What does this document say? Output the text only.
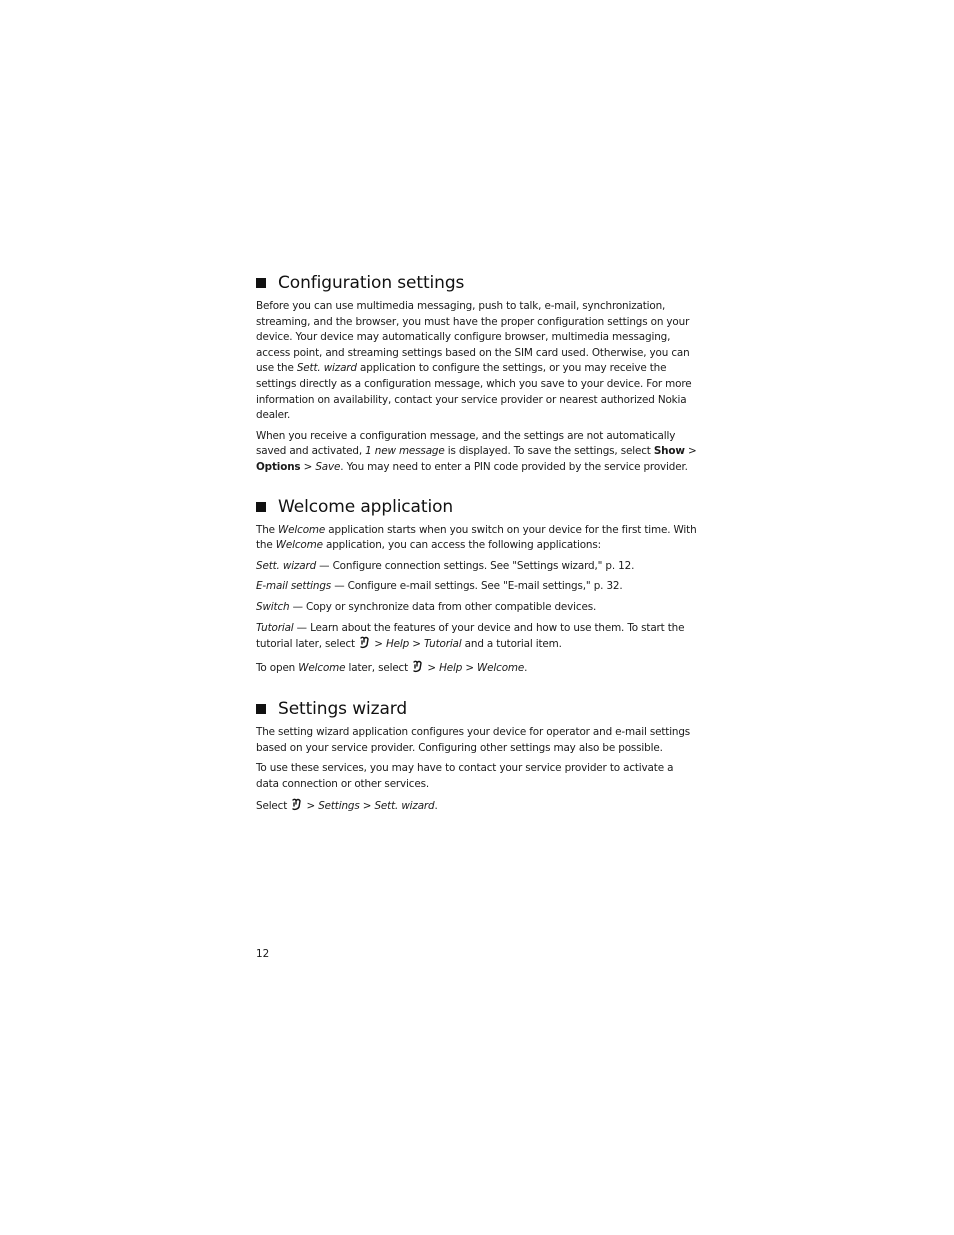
Configuration settings

Before you can use multimedia messaging, push to talk, e-mail, synchronization, streaming, and the browser, you must have the proper configuration settings on your device. Your device may automatically configure browser, multimedia messaging, access point, and streaming settings based on the SIM card used. Otherwise, you can use the Sett. wizard application to configure the settings, or you may receive the settings directly as a configuration message, which you save to your device. For more information on availability, contact your service provider or nearest authorized Nokia dealer.

When you receive a configuration message, and the settings are not automatically saved and activated, 1 new message is displayed. To save the settings, select Show > Options > Save. You may need to enter a PIN code provided by the service provider.

Welcome application

The Welcome application starts when you switch on your device for the first time. With the Welcome application, you can access the following applications:

Sett. wizard — Configure connection settings. See "Settings wizard," p. 12.

E-mail settings — Configure e-mail settings. See "E-mail settings," p. 32.

Switch — Copy or synchronize data from other compatible devices.

Tutorial — Learn about the features of your device and how to use them. To start the tutorial later, select  > Help > Tutorial and a tutorial item.

To open Welcome later, select  > Help > Welcome.

Settings wizard

The setting wizard application configures your device for operator and e-mail settings based on your service provider. Configuring other settings may also be possible.

To use these services, you may have to contact your service provider to activate a data connection or other services.

Select  > Settings > Sett. wizard.

12
